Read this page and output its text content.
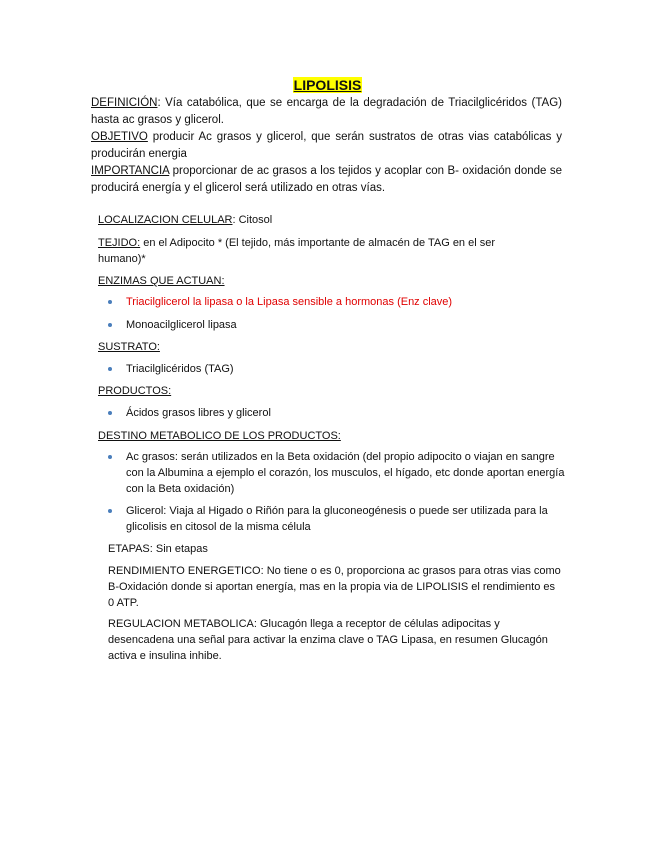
LIPOLISIS
DEFINICIÓN: Vía catabólica, que se encarga de la degradación de Triacilglicéridos (TAG) hasta ac grasos y glicerol.
OBJETIVO producir Ac grasos y glicerol, que serán sustratos de otras vias catabólicas y producirán energia
IMPORTANCIA proporcionar de ac grasos a los tejidos y acoplar con B- oxidación donde se producirá energía y el glicerol será utilizado en otras vías.
LOCALIZACION CELULAR: Citosol
TEJIDO: en el Adipocito * (El tejido, más importante de almacén de TAG en el ser humano)*
ENZIMAS QUE ACTUAN:
Triacilglicerol la lipasa o la Lipasa sensible a hormonas (Enz clave)
Monoacilglicerol lipasa
SUSTRATO:
Triacilglicéridos (TAG)
PRODUCTOS:
Ácidos grasos libres y glicerol
DESTINO METABOLICO DE LOS PRODUCTOS:
Ac grasos: serán utilizados en la Beta oxidación (del propio adipocito o viajan en sangre con la Albumina a ejemplo el corazón, los musculos, el hígado, etc donde aportan energía con la Beta oxidación)
Glicerol: Viaja al Higado o Riñón para la gluconeogénesis o puede ser utilizada para la glicolisis en citosol de la misma célula
ETAPAS: Sin etapas
RENDIMIENTO ENERGETICO: No tiene o es 0, proporciona ac grasos para otras vias como B-Oxidación donde si aportan energía, mas en la propia via de LIPOLISIS el rendimiento es 0 ATP.
REGULACION METABOLICA: Glucagón llega a receptor de células adipocitas y desencadena una señal para activar la enzima clave o TAG Lipasa, en resumen Glucagón activa e insulina inhibe.
